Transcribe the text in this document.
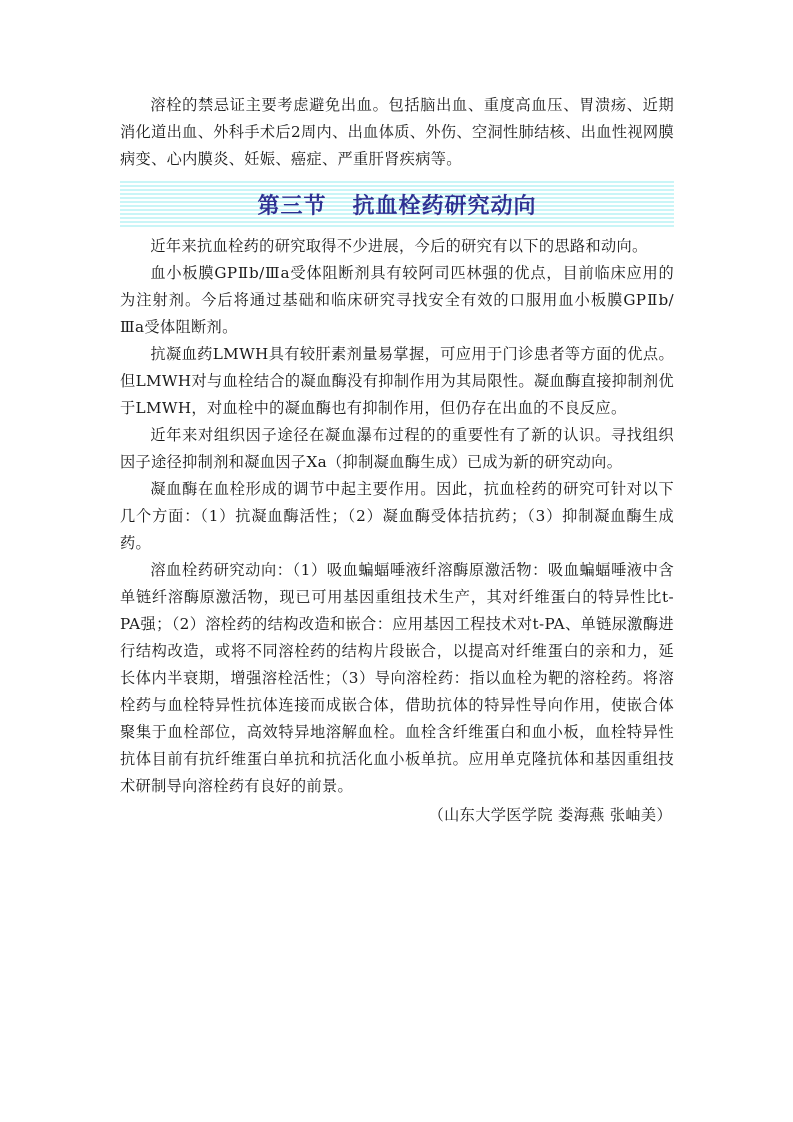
溶栓的禁忌证主要考虑避免出血。包括脑出血、重度高血压、胃溃疡、近期消化道出血、外科手术后2周内、出血体质、外伤、空洞性肺结核、出血性视网膜病变、心内膜炎、妊娠、癌症、严重肝肾疾病等。

第三节 抗血栓药研究动向

近年来抗血栓药的研究取得不少进展，今后的研究有以下的思路和动向。

血小板膜GPⅡb/Ⅲa受体阻断剂具有较阿司匹林强的优点，目前临床应用的为注射剂。今后将通过基础和临床研究寻找安全有效的口服用血小板膜GPⅡb/Ⅲa受体阻断剂。

抗凝血药LMWH具有较肝素剂量易掌握，可应用于门诊患者等方面的优点。但LMWH对与血栓结合的凝血酶没有抑制作用为其局限性。凝血酶直接抑制剂优于LMWH，对血栓中的凝血酶也有抑制作用，但仍存在出血的不良反应。

近年来对组织因子途径在凝血瀑布过程的的重要性有了新的认识。寻找组织因子途径抑制剂和凝血因子Ⅹa（抑制凝血酶生成）已成为新的研究动向。

凝血酶在血栓形成的调节中起主要作用。因此，抗血栓药的研究可针对以下几个方面：（1）抗凝血酶活性；（2）凝血酶受体拮抗药；（3）抑制凝血酶生成药。

溶血栓药研究动向：（1）吸血蝙蝠唾液纤溶酶原激活物：吸血蝙蝠唾液中含单链纤溶酶原激活物，现已可用基因重组技术生产，其对纤维蛋白的特异性比t-PA强；（2）溶栓药的结构改造和嵌合：应用基因工程技术对t-PA、单链尿激酶进行结构改造，或将不同溶栓药的结构片段嵌合，以提高对纤维蛋白的亲和力，延长体内半衰期，增强溶栓活性；（3）导向溶栓药：指以血栓为靶的溶栓药。将溶栓药与血栓特异性抗体连接而成嵌合体，借助抗体的特异性导向作用，使嵌合体聚集于血栓部位，高效特异地溶解血栓。血栓含纤维蛋白和血小板，血栓特异性抗体目前有抗纤维蛋白单抗和抗活化血小板单抗。应用单克隆抗体和基因重组技术研制导向溶栓药有良好的前景。

（山东大学医学院 娄海燕 张岫美）
